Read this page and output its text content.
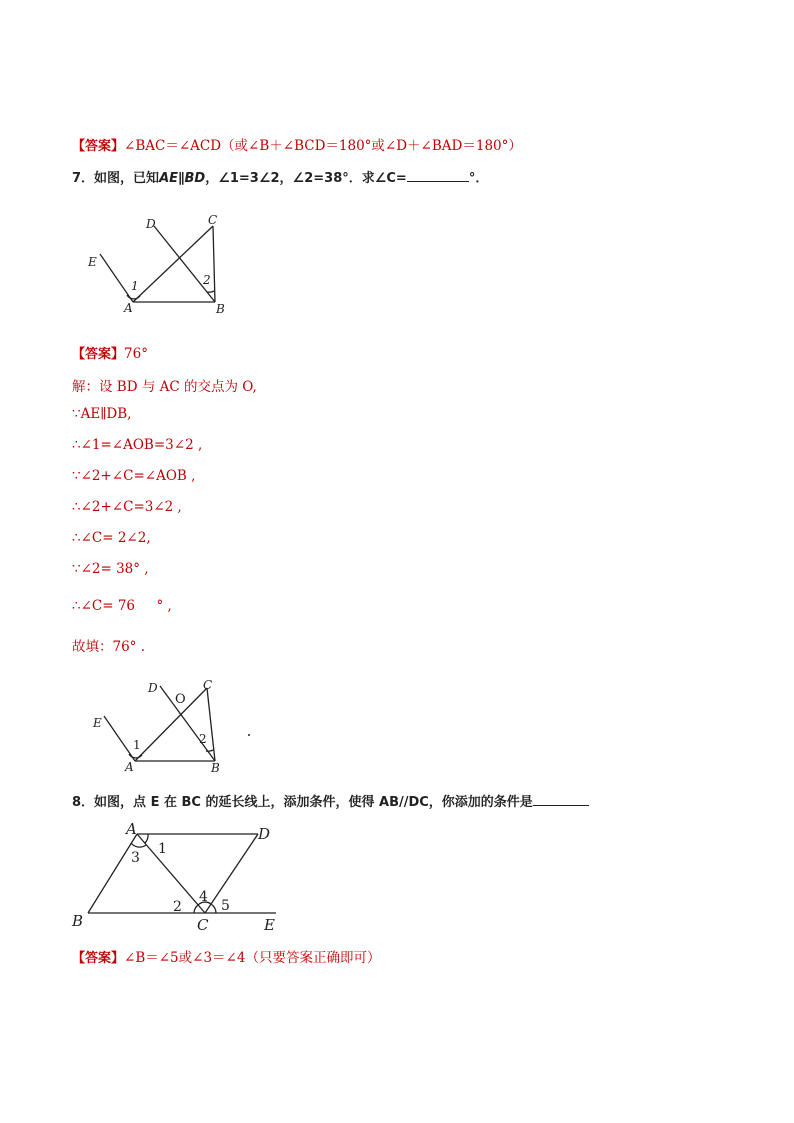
【答案】∠BAC＝∠ACD（或∠B＋∠BCD＝180°或∠D＋∠BAD＝180°）
7．如图，已知AE∥BD，∠1=3∠2，∠2=38°．求∠C=	°．
D	C
E
A	B
1	2
【答案】76°
解：设 BD 与 AC 的交点为 O,
∵AE∥DB,
∴∠1=∠AOB=3∠2 ,
∵∠2+∠C=∠AOB ,
∴∠2+∠C=3∠2 ,
∴∠C= 2∠2,
∵∠2= 38° ,
∴∠C= 76     ° ,
故填：76° .
D
O
C
E
A	B
1	2
8．如图，点 E 在 BC 的延长线上，添加条件，使得 AB//DC，你添加的条件是
A	D
B	C	E
1
3
2
4
5
【答案】∠B＝∠5或∠3＝∠4（只要答案正确即可）
